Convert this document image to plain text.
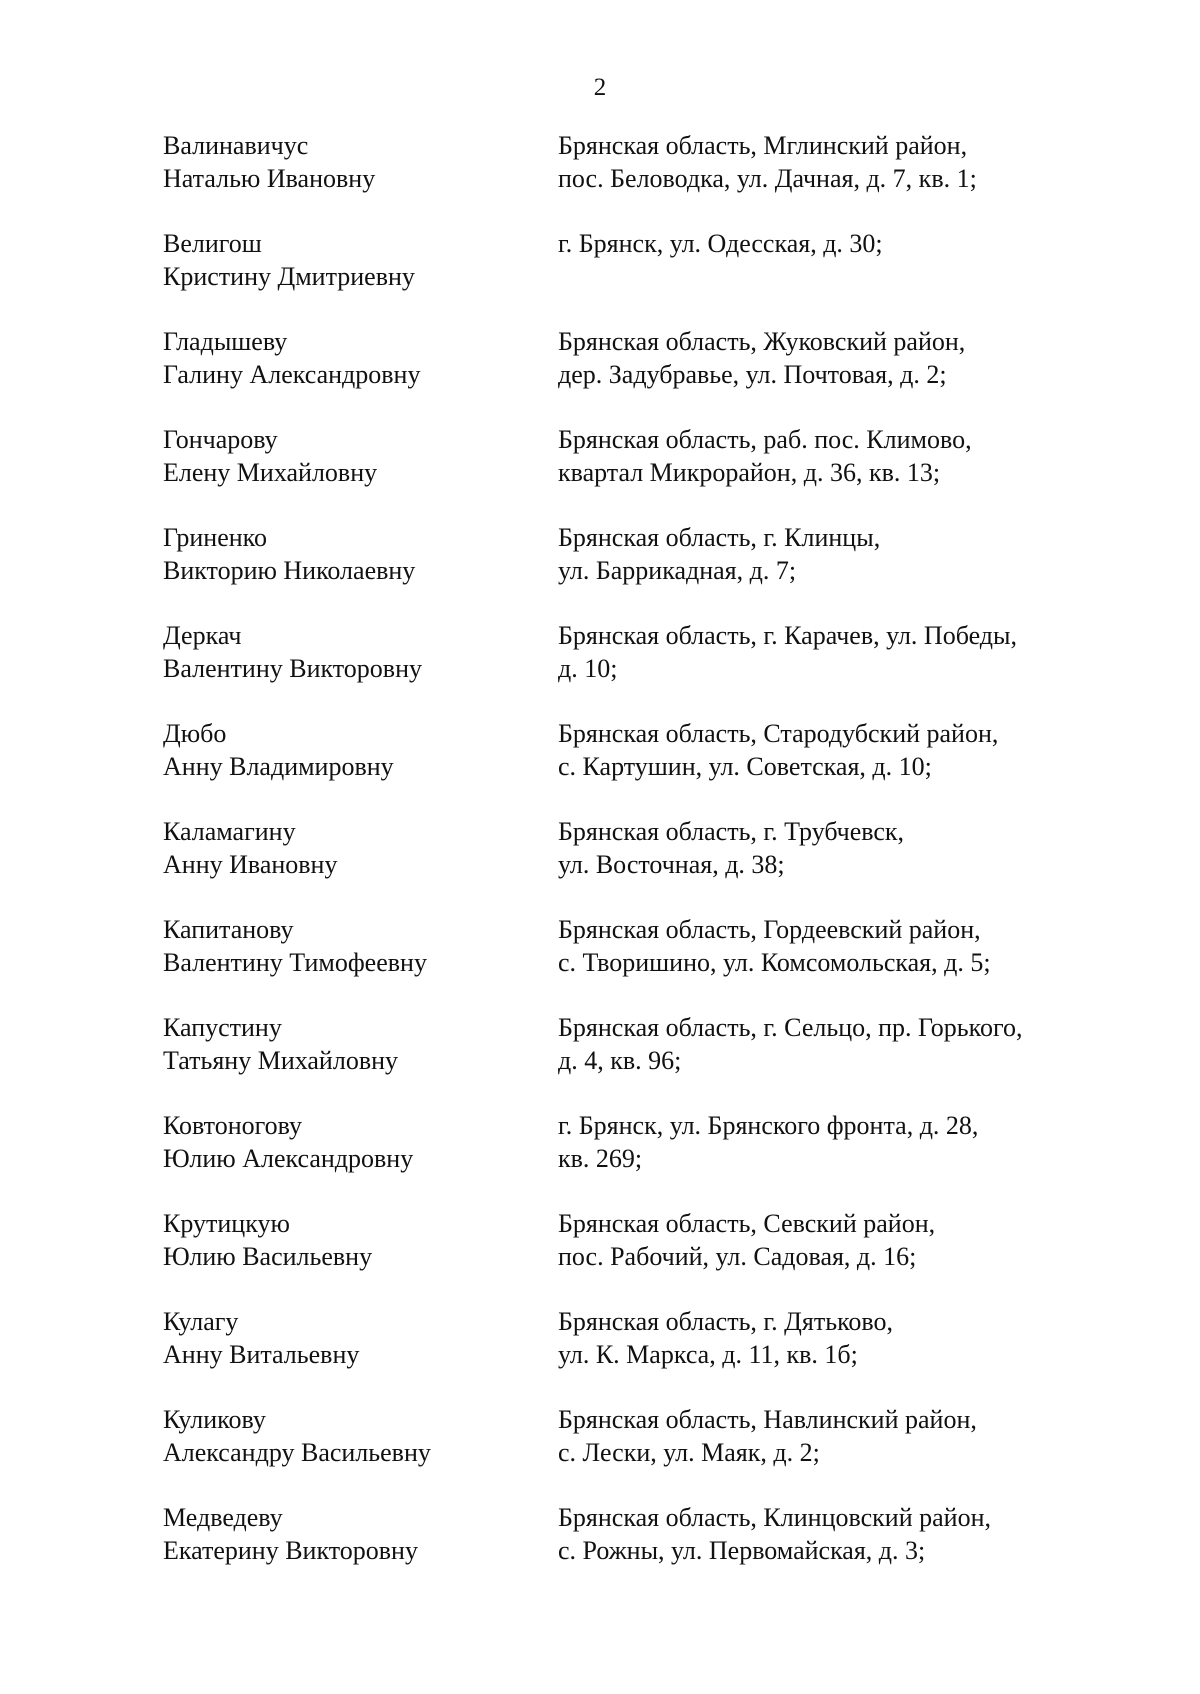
2
Валинавичус
Наталью Ивановну
Брянская область, Мглинский район,
пос. Беловодка, ул. Дачная, д. 7, кв. 1;
Велигош
Кристину Дмитриевну
г. Брянск, ул. Одесская, д. 30;
Гладышеву
Галину Александровну
Брянская область, Жуковский район,
дер. Задубравье, ул. Почтовая, д. 2;
Гончарову
Елену Михайловну
Брянская область, раб. пос. Климово,
квартал Микрорайон, д. 36, кв. 13;
Гриненко
Викторию Николаевну
Брянская область, г. Клинцы,
ул. Баррикадная, д. 7;
Деркач
Валентину Викторовну
Брянская область, г. Карачев, ул. Победы,
д. 10;
Дюбо
Анну Владимировну
Брянская область, Стародубский район,
с. Картушин, ул. Советская, д. 10;
Каламагину
Анну Ивановну
Брянская область, г. Трубчевск,
ул. Восточная, д. 38;
Капитанову
Валентину Тимофеевну
Брянская область, Гордеевский район,
с. Творишино, ул. Комсомольская, д. 5;
Капустину
Татьяну Михайловну
Брянская область, г. Сельцо, пр. Горького,
д. 4, кв. 96;
Ковтоногову
Юлию Александровну
г. Брянск, ул. Брянского фронта, д. 28,
кв. 269;
Крутицкую
Юлию Васильевну
Брянская область, Севский район,
пос. Рабочий, ул. Садовая, д. 16;
Кулагу
Анну Витальевну
Брянская область, г. Дятьково,
ул. К. Маркса, д. 11, кв. 1б;
Куликову
Александру Васильевну
Брянская область, Навлинский район,
с. Лески, ул. Маяк, д. 2;
Медведеву
Екатерину Викторовну
Брянская область, Клинцовский район,
с. Рожны, ул. Первомайская, д. 3;
